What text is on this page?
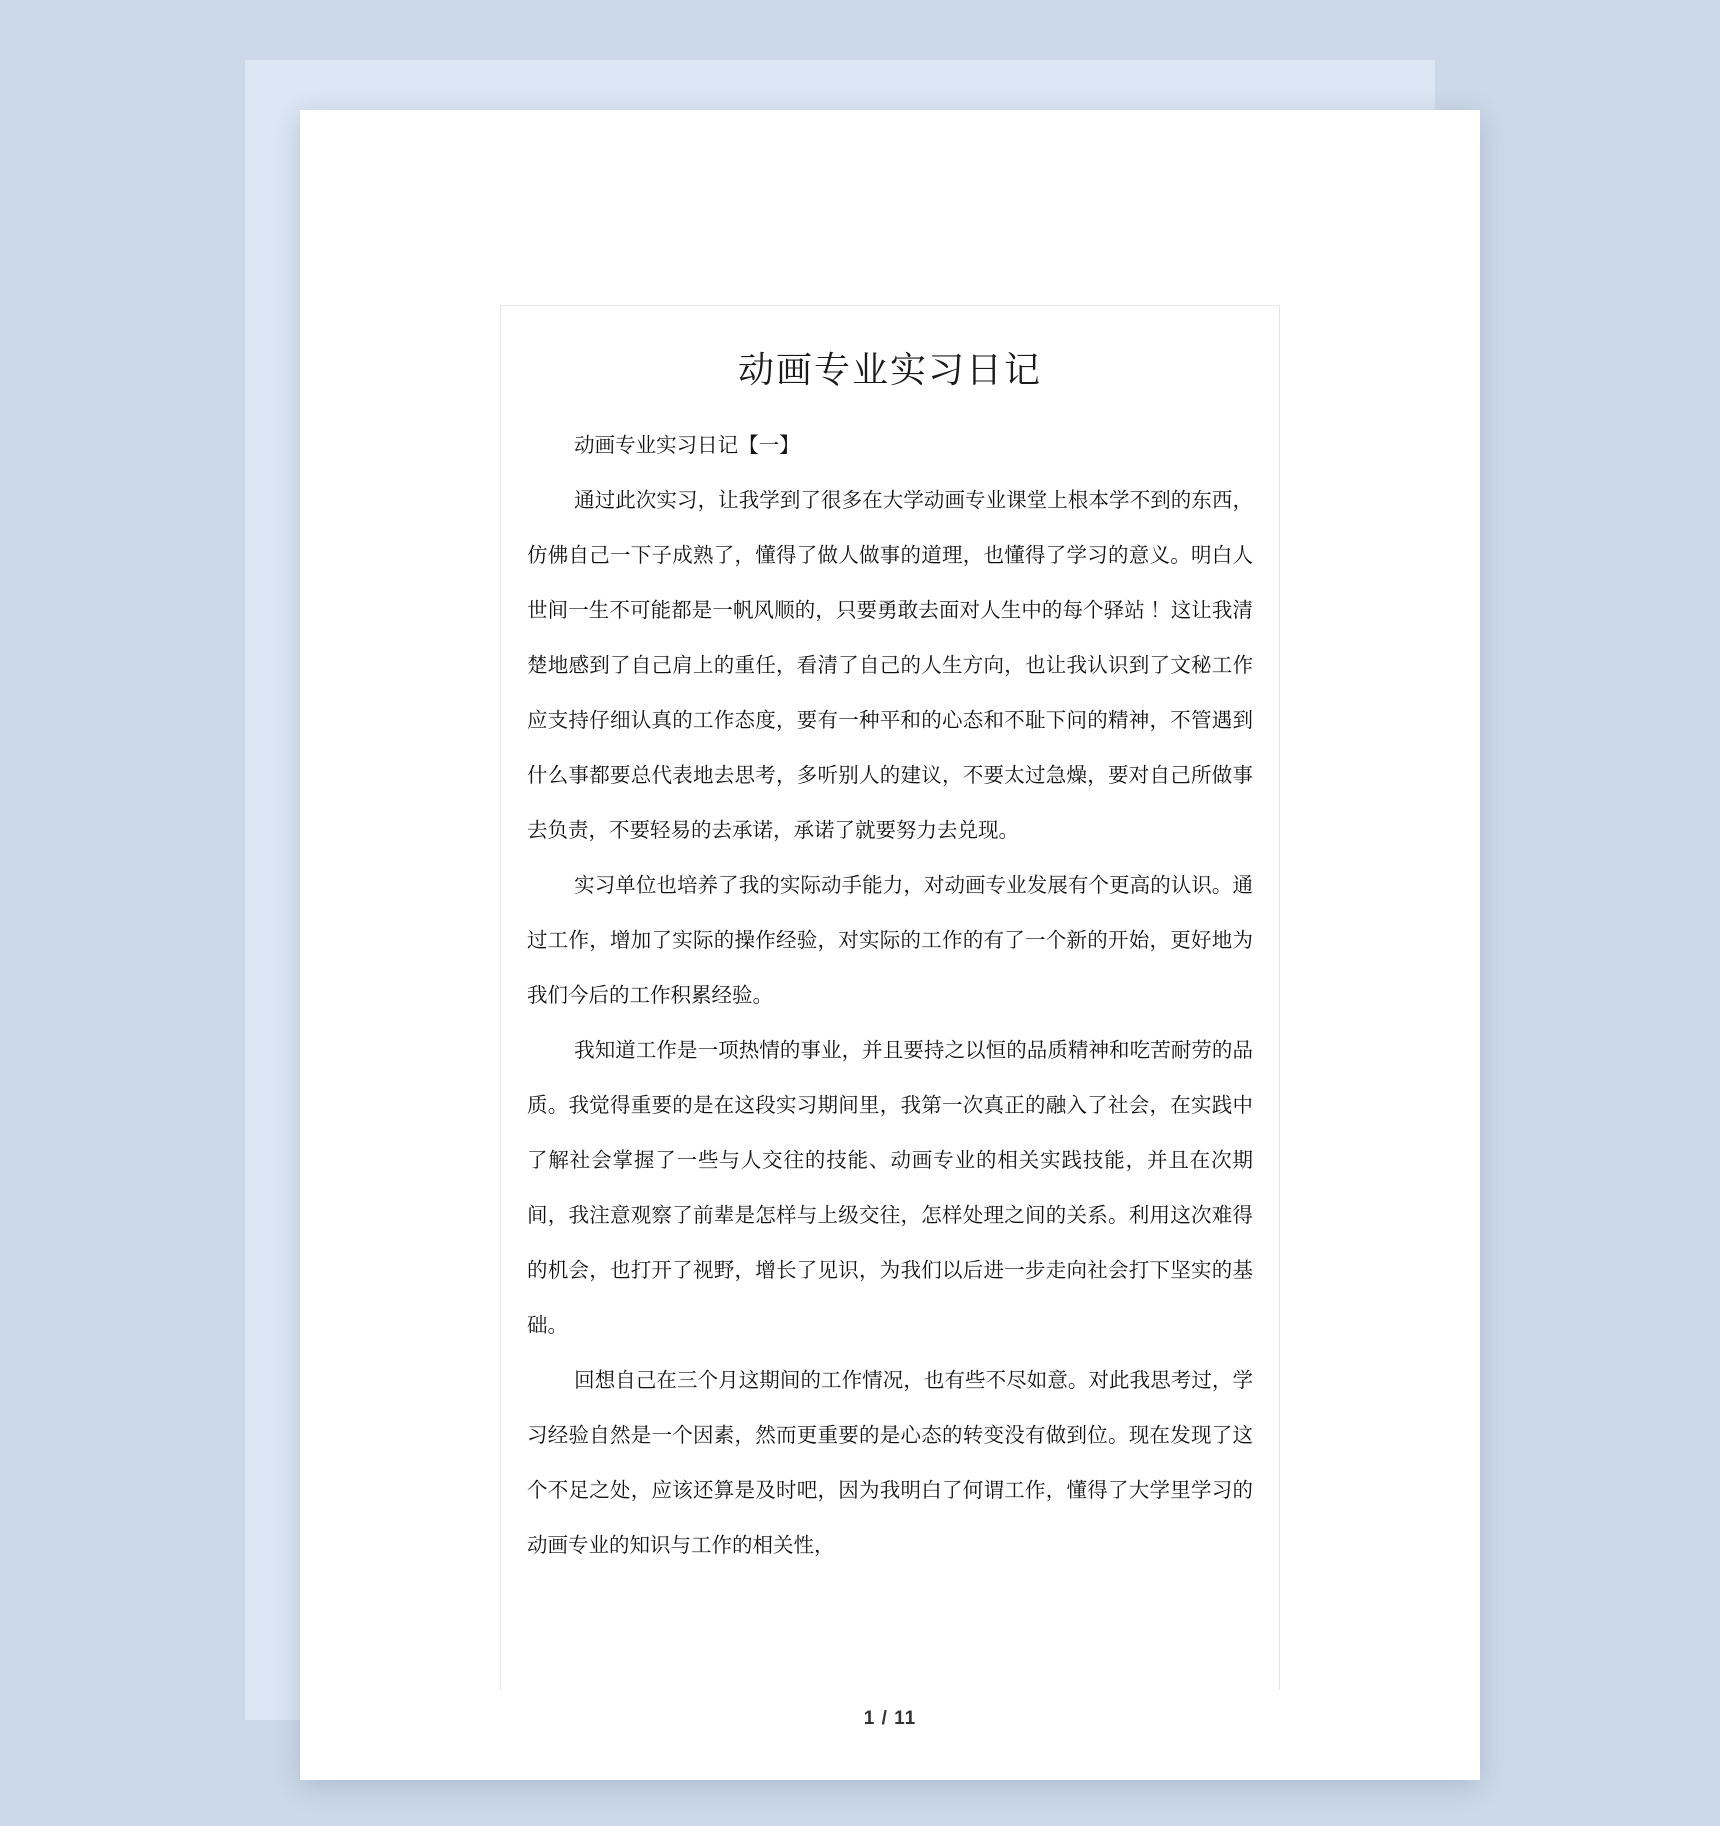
动画专业实习日记

动画专业实习日记【一】

通过此次实习，让我学到了很多在大学动画专业课堂上根本学不到的东西，仿佛自己一下子成熟了，懂得了做人做事的道理，也懂得了学习的意义。明白人世间一生不可能都是一帆风顺的，只要勇敢去面对人生中的每个驿站 ！这让我清楚地感到了自己肩上的重任，看清了自己的人生方向，也让我认识到了文秘工作应支持仔细认真的工作态度，要有一种平和的心态和不耻下问的精神，不管遇到什么事都要总代表地去思考，多听别人的建议，不要太过急燥，要对自己所做事去负责，不要轻易的去承诺，承诺了就要努力去兑现。

实习单位也培养了我的实际动手能力，对动画专业发展有个更高的认识。通过工作，增加了实际的操作经验，对实际的工作的有了一个新的开始，更好地为我们今后的工作积累经验。

我知道工作是一项热情的事业，并且要持之以恒的品质精神和吃苦耐劳的品质。我觉得重要的是在这段实习期间里，我第一次真正的融入了社会，在实践中了解社会掌握了一些与人交往的技能、动画专业的相关实践技能，并且在次期间，我注意观察了前辈是怎样与上级交往，怎样处理之间的关系。利用这次难得的机会，也打开了视野，增长了见识，为我们以后进一步走向社会打下坚实的基础。

回想自己在三个月这期间的工作情况，也有些不尽如意。对此我思考过，学习经验自然是一个因素，然而更重要的是心态的转变没有做到位。现在发现了这个不足之处，应该还算是及时吧，因为我明白了何谓工作，懂得了大学里学习的动画专业的知识与工作的相关性，

1 / 11
